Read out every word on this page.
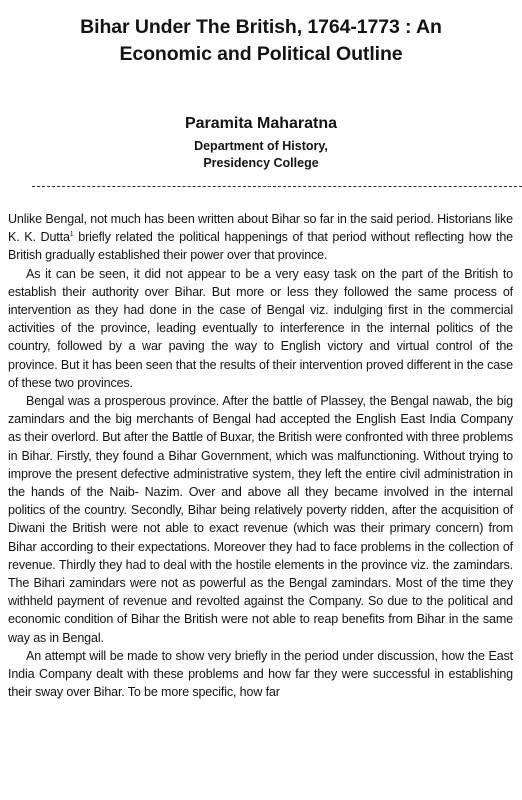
Bihar Under The British, 1764-1773 : An
Economic and Political Outline
Paramita Maharatna
Department of History,
Presidency College

Unlike Bengal, not much has been written about Bihar so far in the said period. Historians like K. K. Dutta$^1$ briefly related the political happenings of that period without reflecting how the British gradually established their power over that province.

As it can be seen, it did not appear to be a very easy task on the part of the British to establish their authority over Bihar. But more or less they followed the same process of intervention as they had done in the case of Bengal viz. indulging first in the commercial activities of the province, leading eventually to interference in the internal politics of the country, followed by a war paving the way to English victory and virtual control of the province. But it has been seen that the results of their intervention proved different in the case of these two provinces.

Bengal was a prosperous province. After the battle of Plassey, the Bengal nawab, the big zamindars and the big merchants of Bengal had accepted the English East India Company as their overlord. But after the Battle of Buxar, the British were confronted with three problems in Bihar. Firstly, they found a Bihar Government, which was malfunctioning. Without trying to improve the present defective administrative system, they left the entire civil administration in the hands of the Naib- Nazim. Over and above all they became involved in the internal politics of the country. Secondly, Bihar being relatively poverty ridden, after the acquisition of Diwani the British were not able to exact revenue (which was their primary concern) from Bihar according to their expectations. Moreover they had to face problems in the collection of revenue. Thirdly they had to deal with the hostile elements in the province viz. the zamindars. The Bihari zamindars were not as powerful as the Bengal zamindars. Most of the time they withheld payment of revenue and revolted against the Company. So due to the political and economic condition of Bihar the British were not able to reap benefits from Bihar in the same way as in Bengal.

An attempt will be made to show very briefly in the period under discussion, how the East India Company dealt with these problems and how far they were successful in establishing their sway over Bihar. To be more specific, how far
